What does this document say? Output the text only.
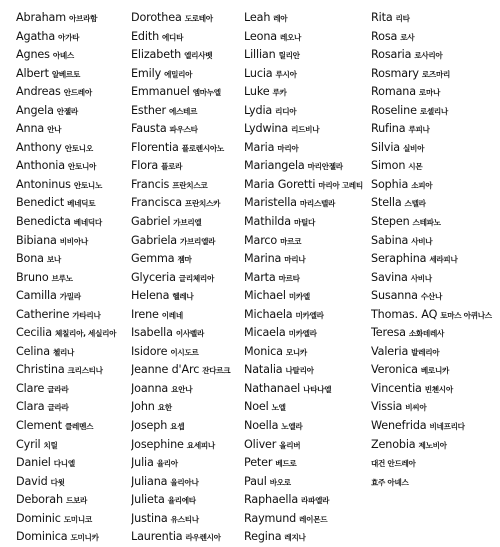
Abraham 아브라함
Agatha 아가타
Agnes 아녜스
Albert 알베르토
Andreas 안드레아
Angela 안젤라
Anna 안나
Anthony 안토니오
Anthonia 안토니아
Antoninus 안토니노
Benedict 베네딕토
Benedicta 베네딕다
Bibiana 비비아나
Bona 보나
Bruno 브루노
Camilla 가밀라
Catherine 가타리나
Cecilia 체칠리아, 세실리아
Celina 첼리나
Christina 크리스티나
Clare 글라라
Clara 글라라
Clement 클레멘스
Cyril 치릴
Daniel 다니엘
David 다윗
Deborah 드보라
Dominic 도미니코
Dominica 도미니카
Dorothea 도로테아
Edith 에디타
Elizabeth 엘리사벳
Emily 에밀리아
Emmanuel 엠마누엘
Esther 에스테르
Fausta 파우스타
Florentia 플로렌시아노
Flora 플로라
Francis 프란치스코
Francisca 프란치스카
Gabriel 가브리엘
Gabriela 가브리엘라
Gemma 젬마
Glyceria 글리체리아
Helena 헬레나
Irene 이레네
Isabella 이사벨라
Isidore 이시도르
Jeanne d'Arc 잔다르크
Joanna 요안나
John 요한
Joseph 요셉
Josephine 요세피나
Julia 율리아
Juliana 율리아나
Julieta 율리에타
Justina 유스티나
Laurentia 라우렌시아
Leah 레아
Leona 레오나
Lillian 릴리안
Lucia 루시아
Luke 루카
Lydia 리디아
Lydwina 리드비나
Maria 마리아
Mariangela 마리안젤라
Maria Goretti 마리아 고레티
Maristella 마리스텔라
Mathilda 마틸다
Marco 마르코
Marina 마리나
Marta 마르타
Michael 미카엘
Michaela 미카엘라
Micaela 미카엘라
Monica 모니카
Natalia 나탈리아
Nathanael 나타나엘
Noel 노엘
Noella 노엘라
Oliver 올리버
Peter 베드로
Paul 바오로
Raphaella 라파엘라
Raymund 레이몬드
Regina 레지나
Rita 리타
Rosa 로사
Rosaria 로사리아
Rosmary 로즈마리
Romana 로마나
Roseline 로셀리나
Rufina 루피나
Silvia 실비아
Simon 시몬
Sophia 소피아
Stella 스텔라
Stepen 스테파노
Sabina 사비나
Seraphina 세라피나
Savina 사비나
Susanna 수산나
Thomas. AQ 토마스 아퀴나스
Teresa 소화데레사
Valeria 발레리아
Veronica 베로니카
Vincentia 빈첸시아
Vissia 비씨아
Wenefrida 비네프리다
Zenobia 제노비아
대건 안드레아
효주 아녜스
